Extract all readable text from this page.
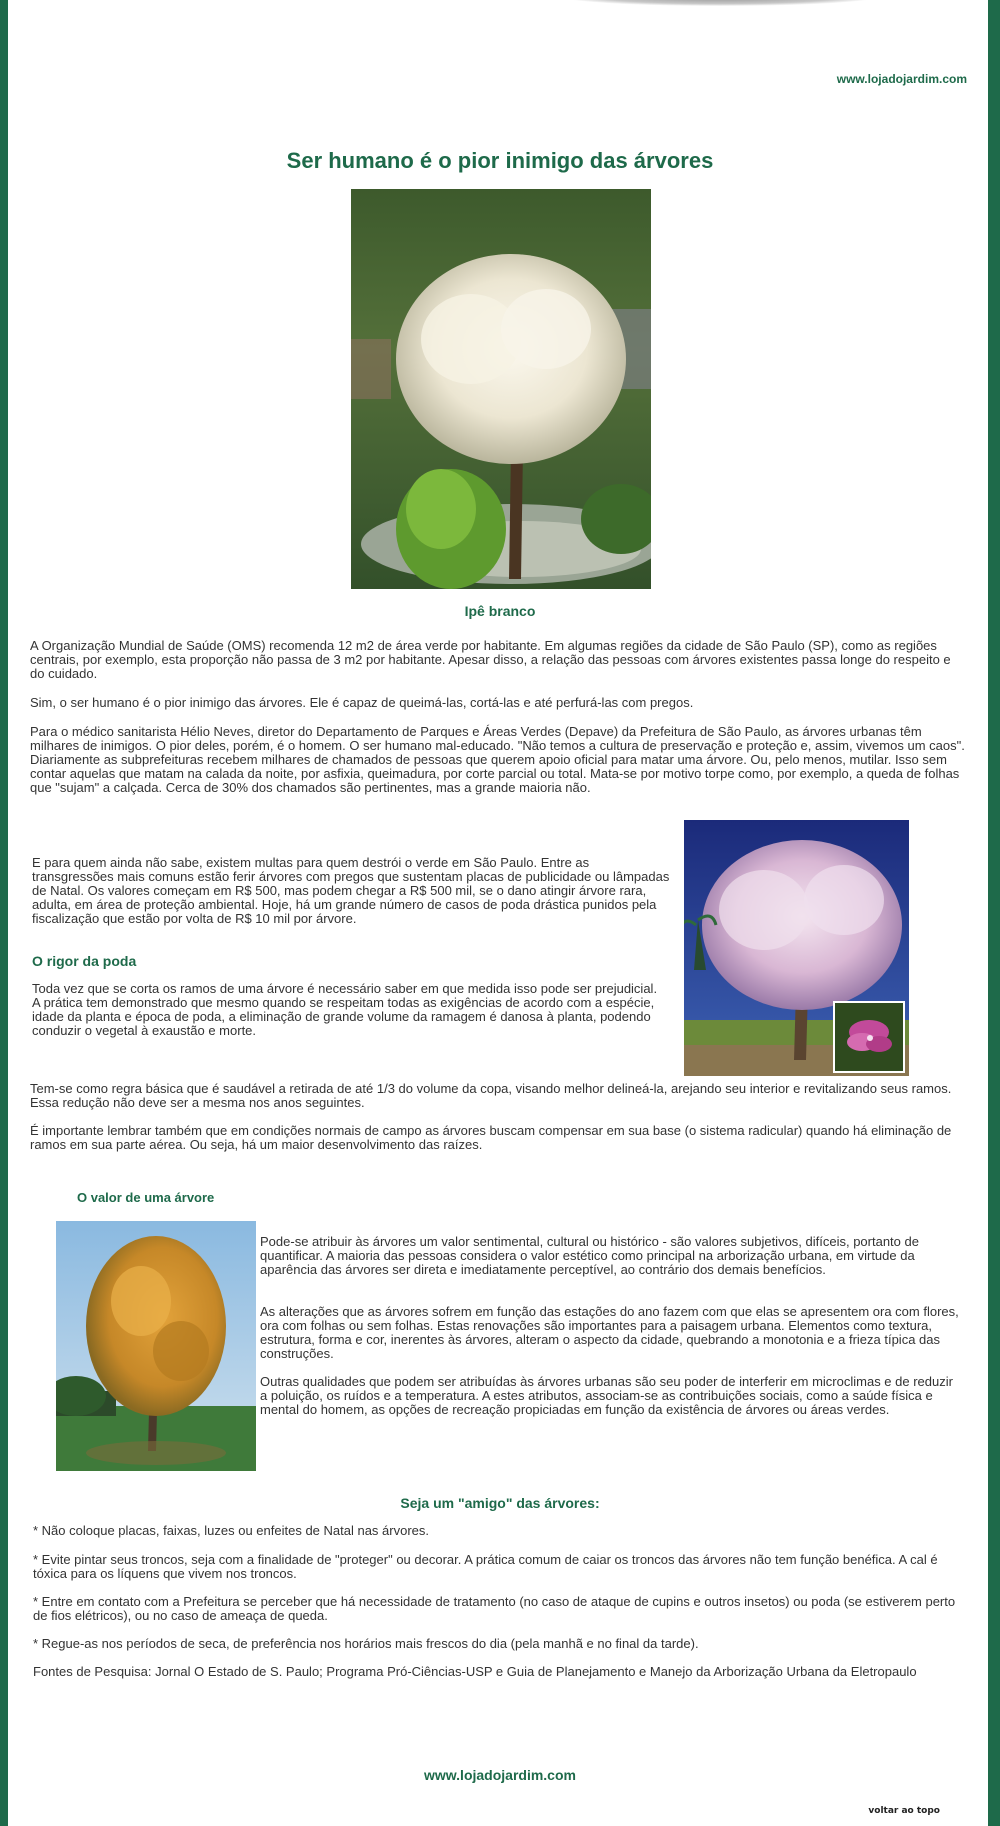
www.lojadojardim.com
Ser humano é o pior inimigo das árvores

Ipê branco

A Organização Mundial de Saúde (OMS) recomenda 12 m2 de área verde por habitante. Em algumas regiões da cidade de São Paulo (SP), como as regiões centrais, por exemplo, esta proporção não passa de 3 m2 por habitante. Apesar disso, a relação das pessoas com árvores existentes passa longe do respeito e do cuidado.

Sim, o ser humano é o pior inimigo das árvores. Ele é capaz de queimá-las, cortá-las e até perfurá-las com pregos.

Para o médico sanitarista Hélio Neves, diretor do Departamento de Parques e Áreas Verdes (Depave) da Prefeitura de São Paulo, as árvores urbanas têm milhares de inimigos. O pior deles, porém, é o homem. O ser humano mal-educado. "Não temos a cultura de preservação e proteção e, assim, vivemos um caos". Diariamente as subprefeituras recebem milhares de chamados de pessoas que querem apoio oficial para matar uma árvore. Ou, pelo menos, mutilar. Isso sem contar aquelas que matam na calada da noite, por asfixia, queimadura, por corte parcial ou total. Mata-se por motivo torpe como, por exemplo, a queda de folhas que "sujam" a calçada. Cerca de 30% dos chamados são pertinentes, mas a grande maioria não.

E para quem ainda não sabe, existem multas para quem destrói o verde em São Paulo. Entre as transgressões mais comuns estão ferir árvores com pregos que sustentam placas de publicidade ou lâmpadas de Natal. Os valores começam em R$ 500, mas podem chegar a R$ 500 mil, se o dano atingir árvore rara, adulta, em área de proteção ambiental. Hoje, há um grande número de casos de poda drástica punidos pela fiscalização que estão por volta de R$ 10 mil por árvore.

O rigor da poda

Toda vez que se corta os ramos de uma árvore é necessário saber em que medida isso pode ser prejudicial. A prática tem demonstrado que mesmo quando se respeitam todas as exigências de acordo com a espécie, idade da planta e época de poda, a eliminação de grande volume da ramagem é danosa à planta, podendo conduzir o vegetal à exaustão e morte.

Tem-se como regra básica que é saudável a retirada de até 1/3 do volume da copa, visando melhor delineá-la, arejando seu interior e revitalizando seus ramos. Essa redução não deve ser a mesma nos anos seguintes.

É importante lembrar também que em condições normais de campo as árvores buscam compensar em sua base (o sistema radicular) quando há eliminação de ramos em sua parte aérea. Ou seja, há um maior desenvolvimento das raízes.

O valor de uma árvore

Pode-se atribuir às árvores um valor sentimental, cultural ou histórico - são valores subjetivos, difíceis, portanto de quantificar. A maioria das pessoas considera o valor estético como principal na arborização urbana, em virtude da aparência das árvores ser direta e imediatamente perceptível, ao contrário dos demais benefícios.

As alterações que as árvores sofrem em função das estações do ano fazem com que elas se apresentem ora com flores, ora com folhas ou sem folhas. Estas renovações são importantes para a paisagem urbana. Elementos como textura, estrutura, forma e cor, inerentes às árvores, alteram o aspecto da cidade, quebrando a monotonia e a frieza típica das construções.

Outras qualidades que podem ser atribuídas às árvores urbanas são seu poder de interferir em microclimas e de reduzir a poluição, os ruídos e a temperatura. A estes atributos, associam-se as contribuições sociais, como a saúde física e mental do homem, as opções de recreação propiciadas em função da existência de árvores ou áreas verdes.

Seja um "amigo" das árvores:

* Não coloque placas, faixas, luzes ou enfeites de Natal nas árvores.

* Evite pintar seus troncos, seja com a finalidade de "proteger" ou decorar. A prática comum de caiar os troncos das árvores não tem função benéfica. A cal é tóxica para os líquens que vivem nos troncos.

* Entre em contato com a Prefeitura se perceber que há necessidade de tratamento (no caso de ataque de cupins e outros insetos) ou poda (se estiverem perto de fios elétricos), ou no caso de ameaça de queda.

* Regue-as nos períodos de seca, de preferência nos horários mais frescos do dia (pela manhã e no final da tarde).

Fontes de Pesquisa: Jornal O Estado de S. Paulo; Programa Pró-Ciências-USP e Guia de Planejamento e Manejo da Arborização Urbana da Eletropaulo

www.lojadojardim.com
voltar ao topo
